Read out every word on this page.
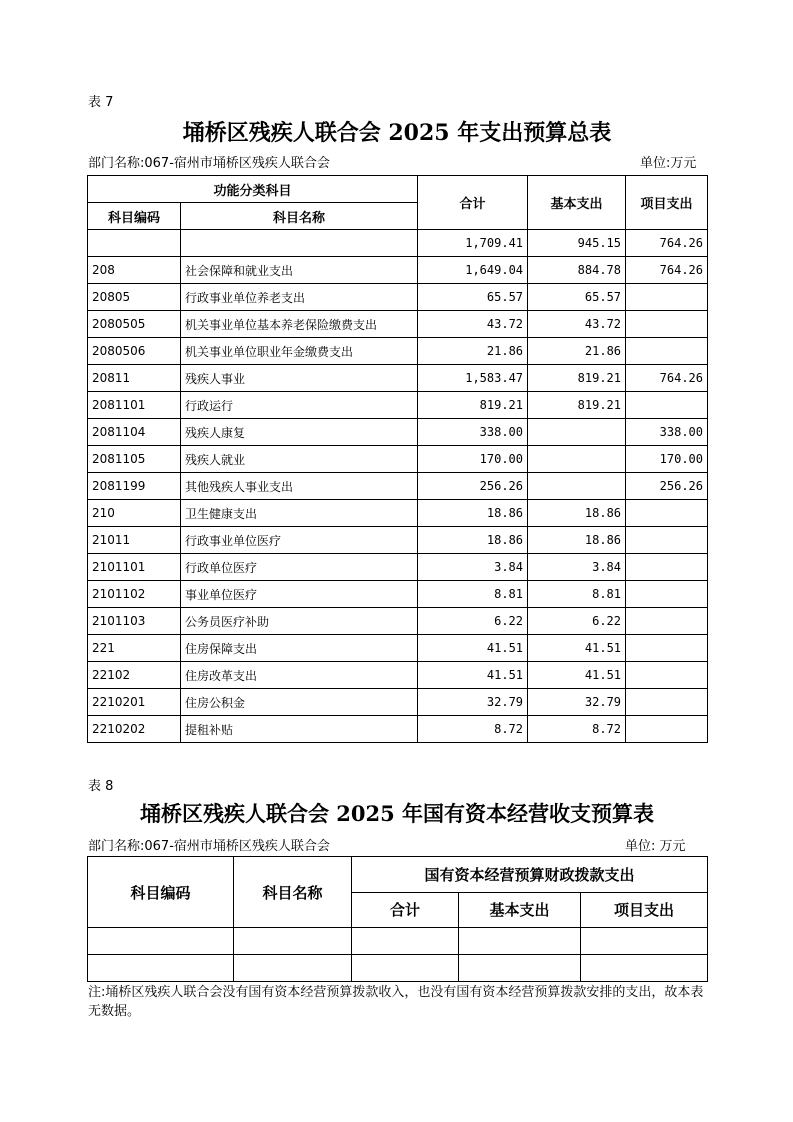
表 7
埇桥区残疾人联合会 2025 年支出预算总表
部门名称:067-宿州市埇桥区残疾人联合会	单位:万元
功能分类科目		合计	基本支出	项目支出
科目编码	科目名称			
		1,709.41	945.15	764.26
208	社会保障和就业支出	1,649.04	884.78	764.26
20805	行政事业单位养老支出	65.57	65.57	
2080505	机关事业单位基本养老保险缴费支出	43.72	43.72	
2080506	机关事业单位职业年金缴费支出	21.86	21.86	
20811	残疾人事业	1,583.47	819.21	764.26
2081101	行政运行	819.21	819.21	
2081104	残疾人康复	338.00		338.00
2081105	残疾人就业	170.00		170.00
2081199	其他残疾人事业支出	256.26		256.26
210	卫生健康支出	18.86	18.86	
21011	行政事业单位医疗	18.86	18.86	
2101101	行政单位医疗	3.84	3.84	
2101102	事业单位医疗	8.81	8.81	
2101103	公务员医疗补助	6.22	6.22	
221	住房保障支出	41.51	41.51	
22102	住房改革支出	41.51	41.51	
2210201	住房公积金	32.79	32.79	
2210202	提租补贴	8.72	8.72	
表 8
埇桥区残疾人联合会 2025 年国有资本经营收支预算表
部门名称:067-宿州市埇桥区残疾人联合会	单位: 万元
科目编码	科目名称	国有资本经营预算财政拨款支出		
		合计	基本支出	项目支出

注:埇桥区残疾人联合会没有国有资本经营预算拨款收入，也没有国有资本经营预算拨款安排的支出，故本表无数据。
